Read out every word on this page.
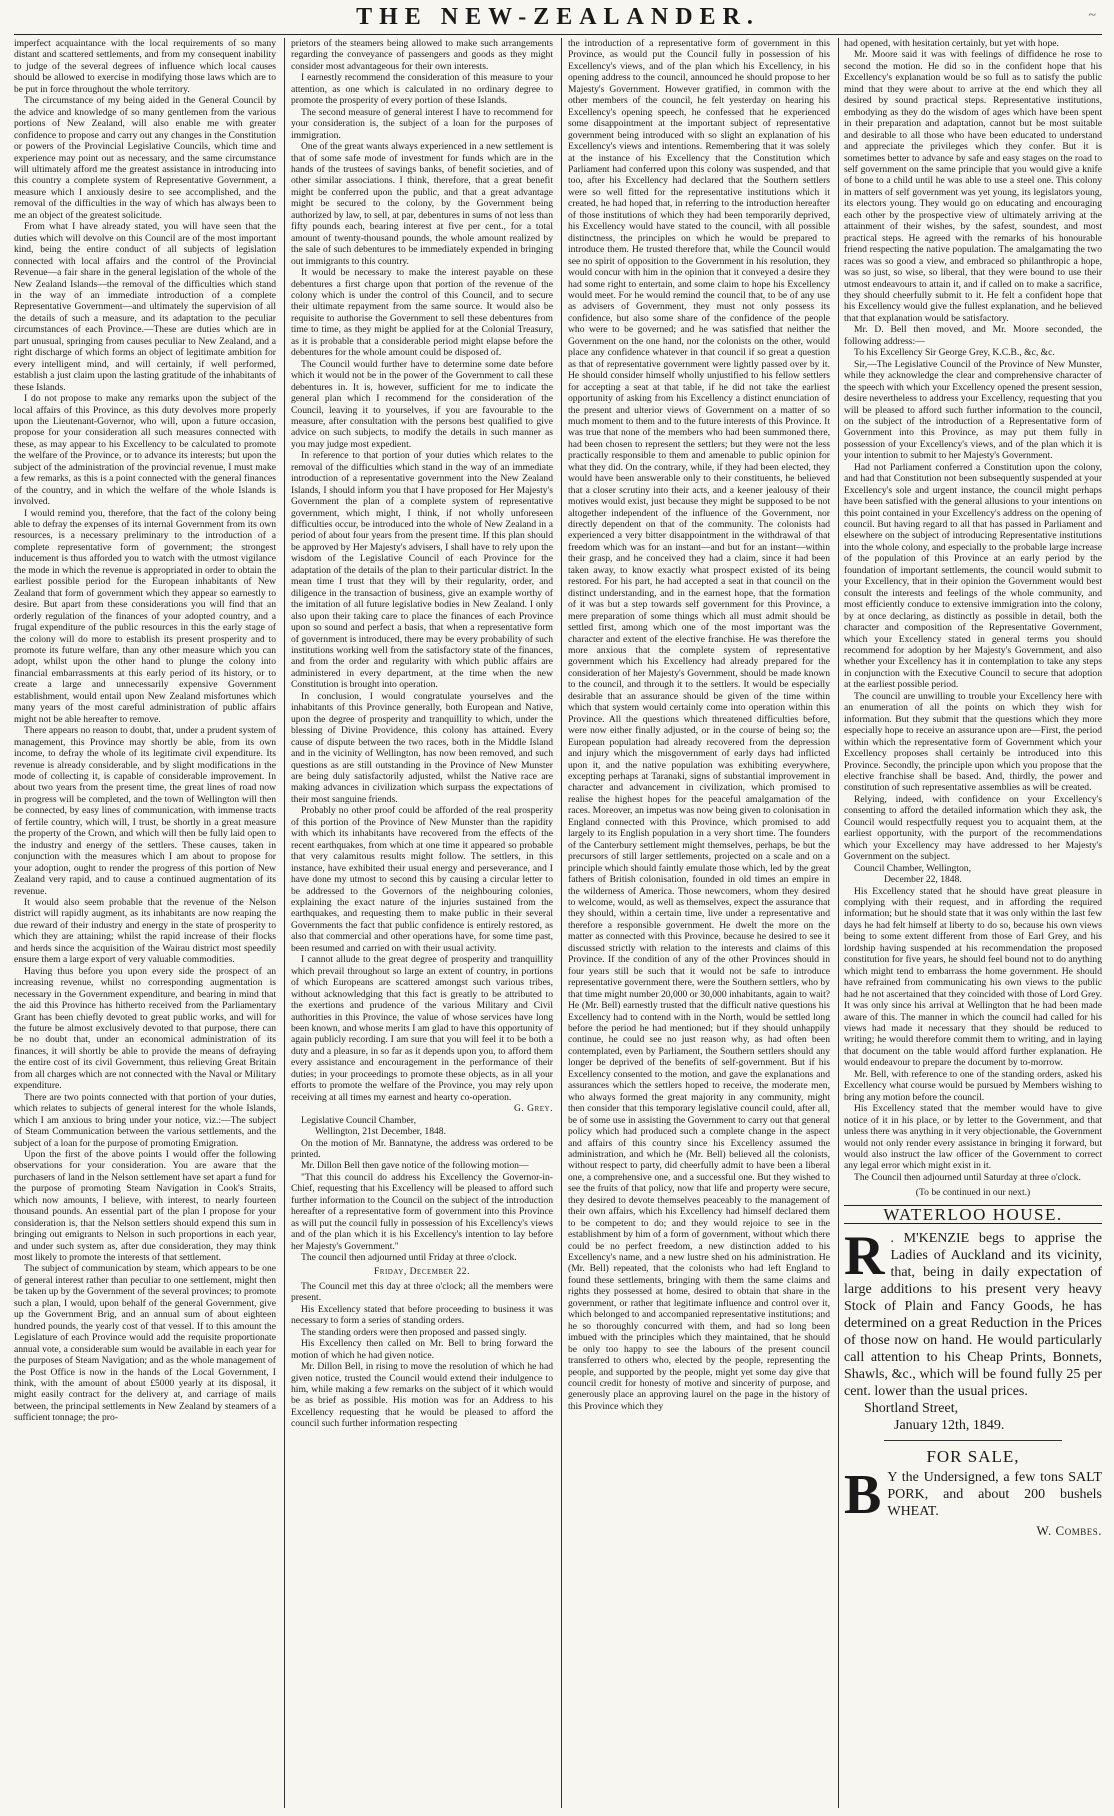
THE NEW-ZEALANDER.	~

imperfect acquaintance with the local requirements of so many distant and scattered settlements, and from my consequent inability to judge of the several degrees of influence which local causes should be allowed to exercise in modifying those laws which are to be put in force throughout the whole territory.

The circumstance of my being aided in the General Council by the advice and knowledge of so many gentlemen from the various portions of New Zealand, will also enable me with greater confidence to propose and carry out any changes in the Constitution or powers of the Provincial Legislative Councils, which time and experience may point out as necessary, and the same circumstance will ultimately afford me the greatest assistance in introducing into this country a complete system of Representative Government, a measure which I anxiously desire to see accomplished, and the removal of the difficulties in the way of which has always been to me an object of the greatest solicitude.

From what I have already stated, you will have seen that the duties which will devolve on this Council are of the most important kind, being the entire conduct of all subjects of legislation connected with local affairs and the control of the Provincial Revenue—a fair share in the general legislation of the whole of the New Zealand Islands—the removal of the difficulties which stand in the way of an immediate introduction of a complete Representative Government—and ultimately the supervision of all the details of such a measure, and its adaptation to the peculiar circumstances of each Province.—These are duties which are in part unusual, springing from causes peculiar to New Zealand, and a right discharge of which forms an object of legitimate ambition for every intelligent mind, and will certainly, if well performed, establish a just claim upon the lasting gratitude of the inhabitants of these Islands.

I do not propose to make any remarks upon the subject of the local affairs of this Province, as this duty devolves more properly upon the Lieutenant-Governor, who will, upon a future occasion, propose for your consideration all such measures connected with these, as may appear to his Excellency to be calculated to promote the welfare of the Province, or to advance its interests; but upon the subject of the administration of the provincial revenue, I must make a few remarks, as this is a point connected with the general finances of the country, and in which the welfare of the whole Islands is involved.

I would remind you, therefore, that the fact of the colony being able to defray the expenses of its internal Government from its own resources, is a necessary preliminary to the introduction of a complete representative form of government; the strongest inducement is thus afforded you to watch with the utmost vigilance the mode in which the revenue is appropriated in order to obtain the earliest possible period for the European inhabitants of New Zealand that form of government which they appear so earnestly to desire. But apart from these considerations you will find that an orderly regulation of the finances of your adopted country, and a frugal expenditure of the public resources in this the early stage of the colony will do more to establish its present prosperity and to promote its future welfare, than any other measure which you can adopt, whilst upon the other hand to plunge the colony into financial embarrassments at this early period of its history, or to create a large and unnecessarily expensive Government establishment, would entail upon New Zealand misfortunes which many years of the most careful administration of public affairs might not be able hereafter to remove.

There appears no reason to doubt, that, under a prudent system of management, this Province may shortly be able, from its own income, to defray the whole of its legitimate civil expenditure. Its revenue is already considerable, and by slight modifications in the mode of collecting it, is capable of considerable improvement. In about two years from the present time, the great lines of road now in progress will be completed, and the town of Wellington will then be connected, by easy lines of communication, with immense tracts of fertile country, which will, I trust, be shortly in a great measure the property of the Crown, and which will then be fully laid open to the industry and energy of the settlers. These causes, taken in conjunction with the measures which I am about to propose for your adoption, ought to render the progress of this portion of New Zealand very rapid, and to cause a continued augmentation of its revenue.

It would also seem probable that the revenue of the Nelson district will rapidly augment, as its inhabitants are now reaping the due reward of their industry and energy in the state of prosperity to which they are attaining; whilst the rapid increase of their flocks and herds since the acquisition of the Wairau district most speedily ensure them a large export of very valuable commodities.

Having thus before you upon every side the prospect of an increasing revenue, whilst no corresponding augmentation is necessary in the Government expenditure, and bearing in mind that the aid this Province has hitherto received from the Parliamentary Grant has been chiefly devoted to great public works, and will for the future be almost exclusively devoted to that purpose, there can be no doubt that, under an economical administration of its finances, it will shortly be able to provide the means of defraying the entire cost of its civil Government, thus relieving Great Britain from all charges which are not connected with the Naval or Military expenditure.

There are two points connected with that portion of your duties, which relates to subjects of general interest for the whole Islands, which I am anxious to bring under your notice, viz.:—The subject of Steam Communication between the various settlements, and the subject of a loan for the purpose of promoting Emigration.

Upon the first of the above points I would offer the following observations for your consideration. You are aware that the purchasers of land in the Nelson settlement have set apart a fund for the purpose of promoting Steam Navigation in Cook's Straits, which now amounts, I believe, with interest, to nearly fourteen thousand pounds. An essential part of the plan I propose for your consideration is, that the Nelson settlers should expend this sum in bringing out emigrants to Nelson in such proportions in each year, and under such system as, after due consideration, they may think most likely to promote the interests of that settlement.

The subject of communication by steam, which appears to be one of general interest rather than peculiar to one settlement, might then be taken up by the Government of the several provinces; to promote such a plan, I would, upon behalf of the general Government, give up the Government Brig, and an annual sum of about eighteen hundred pounds, the yearly cost of that vessel. If to this amount the Legislature of each Province would add the requisite proportionate annual vote, a considerable sum would be available in each year for the purposes of Steam Navigation; and as the whole management of the Post Office is now in the hands of the Local Government, I think, with the amount of about £5000 yearly at its disposal, it might easily contract for the delivery at, and carriage of mails between, the principal settlements in New Zealand by steamers of a sufficient tonnage; the pro-

prietors of the steamers being allowed to make such arrangements regarding the conveyance of passengers and goods as they might consider most advantageous for their own interests.

I earnestly recommend the consideration of this measure to your attention, as one which is calculated in no ordinary degree to promote the prosperity of every portion of these Islands.

The second measure of general interest I have to recommend for your consideration is, the subject of a loan for the purposes of immigration.

One of the great wants always experienced in a new settlement is that of some safe mode of investment for funds which are in the hands of the trustees of savings banks, of benefit societies, and of other similar associations. I think, therefore, that a great benefit might be conferred upon the public, and that a great advantage might be secured to the colony, by the Government being authorized by law, to sell, at par, debentures in sums of not less than fifty pounds each, bearing interest at five per cent., for a total amount of twenty-thousand pounds, the whole amount realized by the sale of such debentures to be immediately expended in bringing out immigrants to this country.

It would be necessary to make the interest payable on these debentures a first charge upon that portion of the revenue of the colony which is under the control of this Council, and to secure their ultimate repayment from the same source. It would also be requisite to authorise the Government to sell these debentures from time to time, as they might be applied for at the Colonial Treasury, as it is probable that a considerable period might elapse before the debentures for the whole amount could be disposed of.

The Council would further have to determine some date before which it would not be in the power of the Government to call these debentures in. It is, however, sufficient for me to indicate the general plan which I recommend for the consideration of the Council, leaving it to yourselves, if you are favourable to the measure, after consultation with the persons best qualified to give advice on such subjects, to modify the details in such manner as you may judge most expedient.

In reference to that portion of your duties which relates to the removal of the difficulties which stand in the way of an immediate introduction of a representative government into the New Zealand Islands, I should inform you that I have proposed for Her Majesty's Government the plan of a complete system of representative government, which might, I think, if not wholly unforeseen difficulties occur, be introduced into the whole of New Zealand in a period of about four years from the present time. If this plan should be approved by Her Majesty's advisers, I shall have to rely upon the wisdom of the Legislative Council of each Province for the adaptation of the details of the plan to their particular district. In the mean time I trust that they will by their regularity, order, and diligence in the transaction of business, give an example worthy of the imitation of all future legislative bodies in New Zealand. I only also upon their taking care to place the finances of each Province upon so sound and perfect a basis, that when a representative form of government is introduced, there may be every probability of such institutions working well from the satisfactory state of the finances, and from the order and regularity with which public affairs are administered in every department, at the time when the new Constitution is brought into operation.

In conclusion, I would congratulate yourselves and the inhabitants of this Province generally, both European and Native, upon the degree of prosperity and tranquillity to which, under the blessing of Divine Providence, this colony has attained. Every cause of dispute between the two races, both in the Middle Island and in the vicinity of Wellington, has now been removed, and such questions as are still outstanding in the Province of New Munster are being duly satisfactorily adjusted, whilst the Native race are making advances in civilization which surpass the expectations of their most sanguine friends.

Probably no other proof could be afforded of the real prosperity of this portion of the Province of New Munster than the rapidity with which its inhabitants have recovered from the effects of the recent earthquakes, from which at one time it appeared so probable that very calamitous results might follow. The settlers, in this instance, have exhibited their usual energy and perseverance, and I have done my utmost to second this by causing a circular letter to be addressed to the Governors of the neighbouring colonies, explaining the exact nature of the injuries sustained from the earthquakes, and requesting them to make public in their several Governments the fact that public confidence is entirely restored, as also that commercial and other operations have, for some time past, been resumed and carried on with their usual activity.

I cannot allude to the great degree of prosperity and tranquillity which prevail throughout so large an extent of country, in portions of which Europeans are scattered amongst such various tribes, without acknowledging that this fact is greatly to be attributed to the exertions and prudence of the various Military and Civil authorities in this Province, the value of whose services have long been known, and whose merits I am glad to have this opportunity of again publicly recording. I am sure that you will feel it to be both a duty and a pleasure, in so far as it depends upon you, to afford them every assistance and encouragement in the performance of their duties; in your proceedings to promote these objects, as in all your efforts to promote the welfare of the Province, you may rely upon receiving at all times my earnest and hearty co-operation.

G. Grey.

Legislative Council Chamber,

Wellington, 21st December, 1848.

On the motion of Mr. Bannatyne, the address was ordered to be printed.

Mr. Dillon Bell then gave notice of the following motion—

"That this council do address his Excellency the Governor-in-Chief, requesting that his Excellency will be pleased to afford such further information to the Council on the subject of the introduction hereafter of a representative form of government into this Province as will put the council fully in possession of his Excellency's views and of the plan which it is his Excellency's intention to lay before her Majesty's Government."

The council then adjourned until Friday at three o'clock.

Friday, December 22.

The Council met this day at three o'clock; all the members were present.

His Excellency stated that before proceeding to business it was necessary to form a series of standing orders.

The standing orders were then proposed and passed singly.

His Excellency then called on Mr. Bell to bring forward the motion of which he had given notice.

Mr. Dillon Bell, in rising to move the resolution of which he had given notice, trusted the Council would extend their indulgence to him, while making a few remarks on the subject of it which would be as brief as possible. His motion was for an Address to his Excellency requesting that he would be pleased to afford the council such further information respecting

the introduction of a representative form of government in this Province, as would put the Council fully in possession of his Excellency's views, and of the plan which his Excellency, in his opening address to the council, announced he should propose to her Majesty's Government. However gratified, in common with the other members of the council, he felt yesterday on hearing his Excellency's opening speech, he confessed that he experienced some disappointment at the important subject of representative government being introduced with so slight an explanation of his Excellency's views and intentions. Remembering that it was solely at the instance of his Excellency that the Constitution which Parliament had conferred upon this colony was suspended, and that too, after his Excellency had declared that the Southern settlers were so well fitted for the representative institutions which it created, he had hoped that, in referring to the introduction hereafter of those institutions of which they had been temporarily deprived, his Excellency would have stated to the council, with all possible distinctness, the principles on which he would be prepared to introduce them. He trusted therefore that, while the Council would see no spirit of opposition to the Government in his resolution, they would concur with him in the opinion that it conveyed a desire they had some right to entertain, and some claim to hope his Excellency would meet. For he would remind the council that, to be of any use as advisers of Government, they must not only possess its confidence, but also some share of the confidence of the people who were to be governed; and he was satisfied that neither the Government on the one hand, nor the colonists on the other, would place any confidence whatever in that council if so great a question as that of representative government were lightly passed over by it. He should consider himself wholly unjustified to his fellow settlers for accepting a seat at that table, if he did not take the earliest opportunity of asking from his Excellency a distinct enunciation of the present and ulterior views of Government on a matter of so much moment to them and to the future interests of this Province. It was true that none of the members who had been summoned there, had been chosen to represent the settlers; but they were not the less practically responsible to them and amenable to public opinion for what they did. On the contrary, while, if they had been elected, they would have been answerable only to their constituents, he believed that a closer scrutiny into their acts, and a keener jealousy of their motives would exist, just because they might be supposed to be not altogether independent of the influence of the Government, nor directly dependent on that of the community. The colonists had experienced a very bitter disappointment in the withdrawal of that freedom which was for an instant—and but for an instant—within their grasp, and he conceived they had a claim, since it had been taken away, to know exactly what prospect existed of its being restored. For his part, he had accepted a seat in that council on the distinct understanding, and in the earnest hope, that the formation of it was but a step towards self government for this Province, a mere preparation of some things which all must admit should be settled first, among which one of the most important was the character and extent of the elective franchise. He was therefore the more anxious that the complete system of representative government which his Excellency had already prepared for the consideration of her Majesty's Government, should be made known to the council, and through it to the settlers. It would be especially desirable that an assurance should be given of the time within which that system would certainly come into operation within this Province. All the questions which threatened difficulties before, were now either finally adjusted, or in the course of being so; the European population had already recovered from the depression and injury which the misgovernment of early days had inflicted upon it, and the native population was exhibiting everywhere, excepting perhaps at Taranaki, signs of substantial improvement in character and advancement in civilization, which promised to realise the highest hopes for the peaceful amalgamation of the races. Moreover, an impetus was now being given to colonisation in England connected with this Province, which promised to add largely to its English population in a very short time. The founders of the Canterbury settlement might themselves, perhaps, be but the precursors of still larger settlements, projected on a scale and on a principle which should faintly emulate those which, led by the great fathers of British colonisation, founded in old times an empire in the wilderness of America. Those newcomers, whom they desired to welcome, would, as well as themselves, expect the assurance that they should, within a certain time, live under a representative and therefore a responsible government. He dwelt the more on the matter as connected with this Province, because he desired to see it discussed strictly with relation to the interests and claims of this Province. If the condition of any of the other Provinces should in four years still be such that it would not be safe to introduce representative government there, were the Southern settlers, who by that time might number 20,000 or 30,000 inhabitants, again to wait? He (Mr. Bell) earnestly trusted that the difficult native questions his Excellency had to contend with in the North, would be settled long before the period he had mentioned; but if they should unhappily continue, he could see no just reason why, as had often been contemplated, even by Parliament, the Southern settlers should any longer be deprived of the benefits of self-government. But if his Excellency consented to the motion, and gave the explanations and assurances which the settlers hoped to receive, the moderate men, who always formed the great majority in any community, might then consider that this temporary legislative council could, after all, be of some use in assisting the Government to carry out that general policy which had produced such a complete change in the aspect and affairs of this country since his Excellency assumed the administration, and which he (Mr. Bell) believed all the colonists, without respect to party, did cheerfully admit to have been a liberal one, a comprehensive one, and a successful one. But they wished to see the fruits of that policy, now that life and property were secure, they desired to devote themselves peaceably to the management of their own affairs, which his Excellency had himself declared them to be competent to do; and they would rejoice to see in the establishment by him of a form of government, without which there could be no perfect freedom, a new distinction added to his Excellency's name, and a new lustre shed on his administration. He (Mr. Bell) repeated, that the colonists who had left England to found these settlements, bringing with them the same claims and rights they possessed at home, desired to obtain that share in the government, or rather that legitimate influence and control over it, which belonged to and accompanied representative institutions; and he so thoroughly concurred with them, and had so long been imbued with the principles which they maintained, that he should be only too happy to see the labours of the present council transferred to others who, elected by the people, representing the people, and supported by the people, might yet some day give that council credit for honesty of motive and sincerity of purpose, and generously place an approving laurel on the page in the history of this Province which they

had opened, with hesitation certainly, but yet with hope.

Mr. Moore said it was with feelings of diffidence he rose to second the motion. He did so in the confident hope that his Excellency's explanation would be so full as to satisfy the public mind that they were about to arrive at the end which they all desired by sound practical steps. Representative institutions, embodying as they do the wisdom of ages which have been spent in their preparation and adaptation, cannot but be most suitable and desirable to all those who have been educated to understand and appreciate the privileges which they confer. But it is sometimes better to advance by safe and easy stages on the road to self government on the same principle that you would give a knife of bone to a child until he was able to use a steel one. This colony in matters of self government was yet young, its legislators young, its electors young. They would go on educating and encouraging each other by the prospective view of ultimately arriving at the attainment of their wishes, by the safest, soundest, and most practical steps. He agreed with the remarks of his honourable friend respecting the native population. The amalgamating the two races was so good a view, and embraced so philanthropic a hope, was so just, so wise, so liberal, that they were bound to use their utmost endeavours to attain it, and if called on to make a sacrifice, they should cheerfully submit to it. He felt a confident hope that his Excellency would give the fullest explanation, and he believed that that explanation would be satisfactory.

Mr. D. Bell then moved, and Mr. Moore seconded, the following address:—

To his Excellency Sir George Grey, K.C.B., &c, &c.

Sir,—The Legislative Council of the Province of New Munster, while they acknowledge the clear and comprehensive character of the speech with which your Excellency opened the present session, desire nevertheless to address your Excellency, requesting that you will be pleased to afford such further information to the council, on the subject of the introduction of a Representative form of Government into this Province, as may put them fully in possession of your Excellency's views, and of the plan which it is your intention to submit to her Majesty's Government.

Had not Parliament conferred a Constitution upon the colony, and had that Constitution not been subsequently suspended at your Excellency's sole and urgent instance, the council might perhaps have been satisfied with the general allusions to your intentions on this point contained in your Excellency's address on the opening of council. But having regard to all that has passed in Parliament and elsewhere on the subject of introducing Representative institutions into the whole colony, and especially to the probable large increase of the population of this Province at an early period by the foundation of important settlements, the council would submit to your Excellency, that in their opinion the Government would best consult the interests and feelings of the whole community, and most efficiently conduce to extensive immigration into the colony, by at once declaring, as distinctly as possible in detail, both the character and composition of the Representative Government, which your Excellency stated in general terms you should recommend for adoption by her Majesty's Government, and also whether your Excellency has it in contemplation to take any steps in conjunction with the Executive Council to secure that adoption at the earliest possible period.

The council are unwilling to trouble your Excellency here with an enumeration of all the points on which they wish for information. But they submit that the questions which they more especially hope to receive an assurance upon are—First, the period within which the representative form of Government which your Excellency proposes shall certainly be introduced into this Province. Secondly, the principle upon which you propose that the elective franchise shall be based. And, thirdly, the power and constitution of such representative assemblies as will be created.

Relying, indeed, with confidence on your Excellency's consenting to afford the detailed information which they ask, the Council would respectfully request you to acquaint them, at the earliest opportunity, with the purport of the recommendations which your Excellency may have addressed to her Majesty's Government on the subject.

Council Chamber, Wellington,

December 22, 1848.

His Excellency stated that he should have great pleasure in complying with their request, and in affording the required information; but he should state that it was only within the last few days he had felt himself at liberty to do so, because his own views being to some extent different from those of Earl Grey, and his lordship having suspended at his recommendation the proposed constitution for five years, he should feel bound not to do anything which might tend to embarrass the home government. He should have refrained from communicating his own views to the public had he not ascertained that they coincided with those of Lord Grey. It was only since his arrival at Wellington that he had been made aware of this. The manner in which the council had called for his views had made it necessary that they should be reduced to writing; he would therefore commit them to writing, and in laying that document on the table would afford further explanation. He would endeavour to prepare the document by to-morrow.

Mr. Bell, with reference to one of the standing orders, asked his Excellency what course would be pursued by Members wishing to bring any motion before the council.

His Excellency stated that the member would have to give notice of it in his place, or by letter to the Government, and that unless there was anything in it very objectionable, the Government would not only render every assistance in bringing it forward, but would also instruct the law officer of the Government to correct any legal error which might exist in it.

The Council then adjourned until Saturday at three o'clock.

(To be continued in our next.)

WATERLOO HOUSE.
R . M'KENZIE begs to apprise the Ladies of Auckland and its vicinity, that, being in daily expectation of large additions to his present very heavy Stock of Plain and Fancy Goods, he has determined on a great Reduction in the Prices of those now on hand. He would particularly call attention to his Cheap Prints, Bonnets, Shawls, &c., which will be found fully 25 per cent. lower than the usual prices.
Shortland Street,
January 12th, 1849.
FOR SALE,
B Y the Undersigned, a few tons SALT PORK, and about 200 bushels WHEAT.
W. Combes.
